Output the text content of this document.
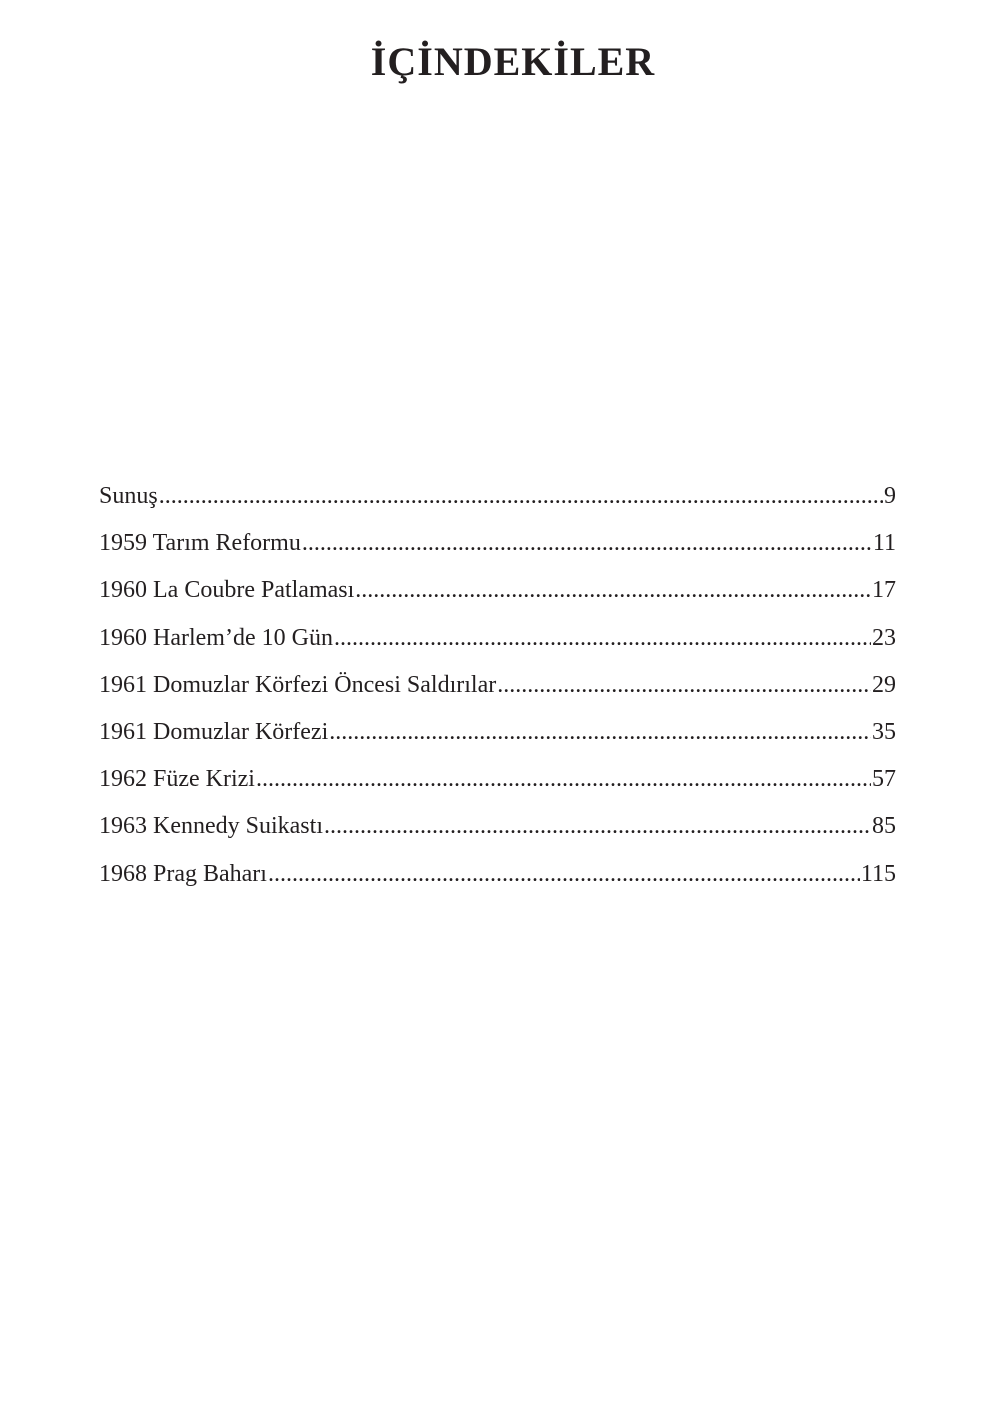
İÇİNDEKİLER
Sunuş .....	9
1959 Tarım Reformu .....	11
1960 La Coubre Patlaması .....	17
1960 Harlem’de 10 Gün .....	23
1961 Domuzlar Körfezi Öncesi Saldırılar .....	29
1961 Domuzlar Körfezi .....	35
1962 Füze Krizi .....	57
1963 Kennedy Suikastı .....	85
1968 Prag Baharı .....	115
